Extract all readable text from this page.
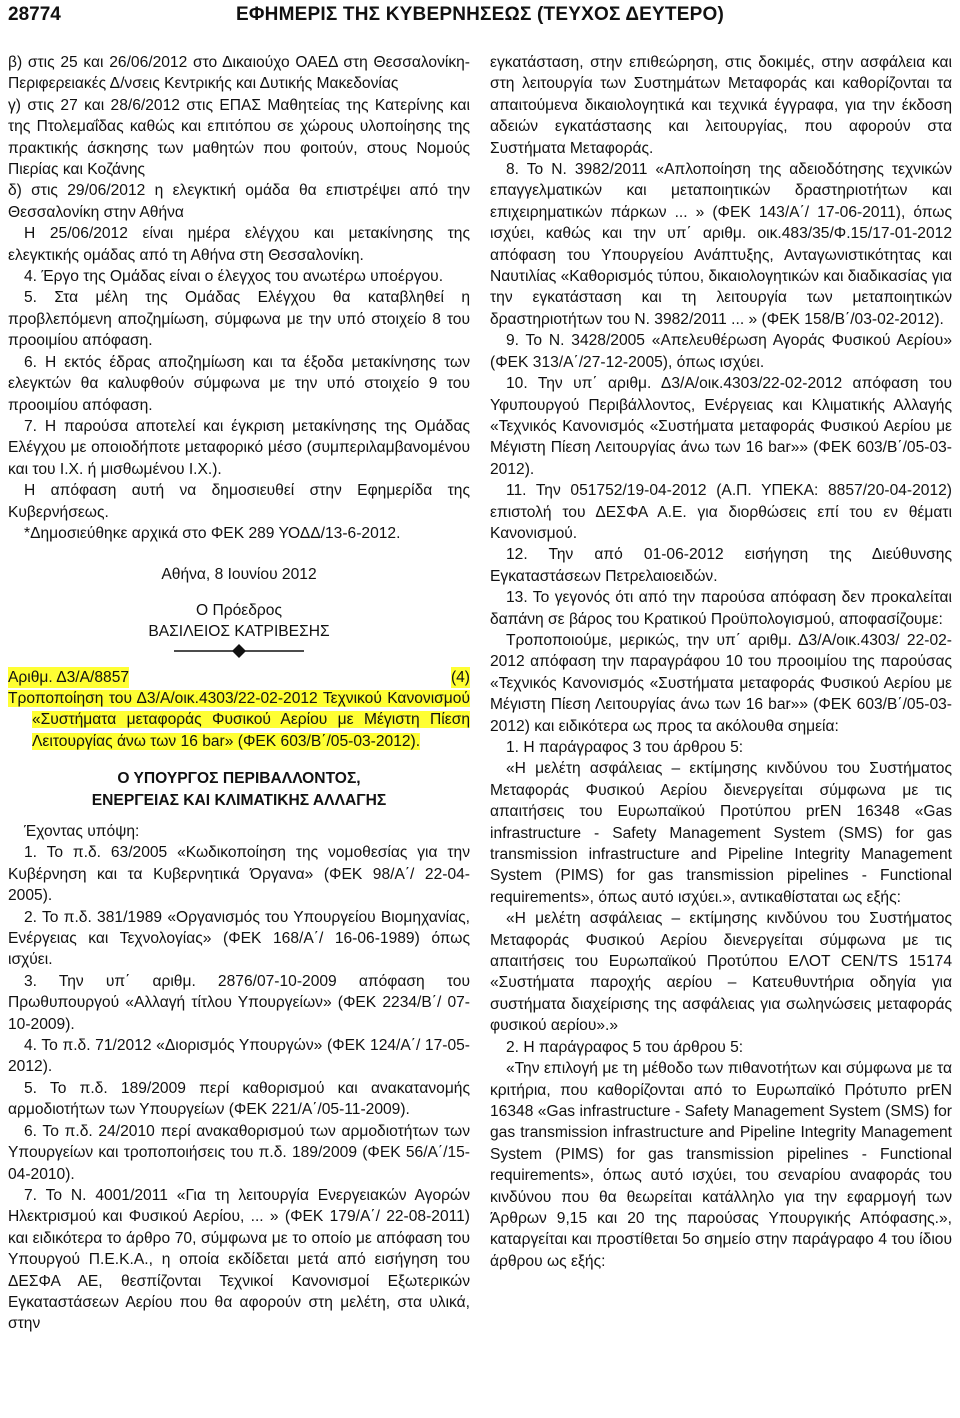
28774	ΕΦΗΜΕΡΙΣ ΤΗΣ ΚΥΒΕΡΝΗΣΕΩΣ (ΤΕΥΧΟΣ ΔΕΥΤΕΡΟ)

β) στις 25 και 26/06/2012 στο Δικαιούχο ΟΑΕΔ στη Θεσσαλονίκη- Περιφερειακές Δ/νσεις Κεντρικής και Δυτικής Μακεδονίας

γ) στις 27 και 28/6/2012 στις ΕΠΑΣ Μαθητείας της Κατερίνης και της Πτολεμαΐδας καθώς και επιτόπου σε χώρους υλοποίησης της πρακτικής άσκησης των μαθητών που φοιτούν, στους Νομούς Πιερίας και Κοζάνης

δ) στις 29/06/2012 η ελεγκτική ομάδα θα επιστρέψει από την Θεσσαλονίκη στην Αθήνα

Η 25/06/2012 είναι ημέρα ελέγχου και μετακίνησης της ελεγκτικής ομάδας από τη Αθήνα στη Θεσσαλονίκη.

4. Έργο της Ομάδας είναι ο έλεγχος του ανωτέρω υποέργου.

5. Στα μέλη της Ομάδας Ελέγχου θα καταβληθεί η προβλεπόμενη αποζημίωση, σύμφωνα με την υπό στοιχείο 8 του προοιμίου απόφαση.

6. Η εκτός έδρας αποζημίωση και τα έξοδα μετακίνησης των ελεγκτών θα καλυφθούν σύμφωνα με την υπό στοιχείο 9 του προοιμίου απόφαση.

7. Η παρούσα αποτελεί και έγκριση μετακίνησης της Ομάδας Ελέγχου με οποιοδήποτε μεταφορικό μέσο (συμπεριλαμβανομένου και του Ι.Χ. ή μισθωμένου Ι.Χ.).

Η απόφαση αυτή να δημοσιευθεί στην Εφημερίδα της Κυβερνήσεως.

*Δημοσιεύθηκε αρχικά στο ΦΕΚ 289 ΥΟΔΔ/13-6-2012.

Αθήνα, 8 Ιουνίου 2012

Ο Πρόεδρος

ΒΑΣΙΛΕΙΟΣ ΚΑΤΡΙΒΕΣΗΣ

Αριθμ. Δ3/Α/8857	(4)

Τροποποίηση του Δ3/Α/οικ.4303/22-02-2012 Τεχνικού Κανονισμού «Συστήματα μεταφοράς Φυσικού Αερίου με Μέγιστη Πίεση Λειτουργίας άνω των 16 bar» (ΦΕΚ 603/Β΄/05-03-2012).

Ο ΥΠΟΥΡΓΟΣ ΠΕΡΙΒΑΛΛΟΝΤΟΣ,

ΕΝΕΡΓΕΙΑΣ ΚΑΙ ΚΛΙΜΑΤΙΚΗΣ ΑΛΛΑΓΗΣ

Έχοντας υπόψη:

1. Το π.δ. 63/2005 «Κωδικοποίηση της νομοθεσίας για την Κυβέρνηση και τα Κυβερνητικά Όργανα» (ΦΕΚ 98/Α΄/ 22-04-2005).

2. Το π.δ. 381/1989 «Οργανισμός του Υπουργείου Βιομηχανίας, Ενέργειας και Τεχνολογίας» (ΦΕΚ 168/Α΄/ 16-06-1989) όπως ισχύει.

3. Την υπ΄ αριθμ. 2876/07-10-2009 απόφαση του Πρωθυπουργού «Αλλαγή τίτλου Υπουργείων» (ΦΕΚ 2234/Β΄/ 07-10-2009).

4. Το π.δ. 71/2012 «Διορισμός Υπουργών» (ΦΕΚ 124/Α΄/ 17-05-2012).

5. Το π.δ. 189/2009 περί καθορισμού και ανακατανομής αρμοδιοτήτων των Υπουργείων (ΦΕΚ 221/Α΄/05-11-2009).

6. Το π.δ. 24/2010 περί ανακαθορισμού των αρμοδιοτήτων των Υπουργείων και τροποποιήσεις του π.δ. 189/2009 (ΦΕΚ 56/Α΄/15-04-2010).

7. Το Ν. 4001/2011 «Για τη λειτουργία Ενεργειακών Αγορών Ηλεκτρισμού και Φυσικού Αερίου, ... » (ΦΕΚ 179/Α΄/ 22-08-2011) και ειδικότερα το άρθρο 70, σύμφωνα με το οποίο με απόφαση του Υπουργού Π.Ε.Κ.Α., η οποία εκδίδεται μετά από εισήγηση του ΔΕΣΦΑ ΑΕ, θεσπίζονται Τεχνικοί Κανονισμοί Εξωτερικών Εγκαταστάσεων Αερίου που θα αφορούν στη μελέτη, στα υλικά, στην

εγκατάσταση, στην επιθεώρηση, στις δοκιμές, στην ασφάλεια και στη λειτουργία των Συστημάτων Μεταφοράς και καθορίζονται τα απαιτούμενα δικαιολογητικά και τεχνικά έγγραφα, για την έκδοση αδειών εγκατάστασης και λειτουργίας, που αφορούν στα Συστήματα Μεταφοράς.

8. Το Ν. 3982/2011 «Απλοποίηση της αδειοδότησης τεχνικών επαγγελματικών και μεταποιητικών δραστηριοτήτων και επιχειρηματικών πάρκων ... » (ΦΕΚ 143/Α΄/ 17-06-2011), όπως ισχύει, καθώς και την υπ΄ αριθμ. οικ.483/35/Φ.15/17-01-2012 απόφαση του Υπουργείου Ανάπτυξης, Ανταγωνιστικότητας και Ναυτιλίας «Καθορισμός τύπου, δικαιολογητικών και διαδικασίας για την εγκατάσταση και τη λειτουργία των μεταποιητικών δραστηριοτήτων του Ν. 3982/2011 ... » (ΦΕΚ 158/Β΄/03-02-2012).

9. Το Ν. 3428/2005 «Απελευθέρωση Αγοράς Φυσικού Αερίου» (ΦΕΚ 313/Α΄/27-12-2005), όπως ισχύει.

10. Την υπ΄ αριθμ. Δ3/Α/οικ.4303/22-02-2012 απόφαση του Υφυπουργού Περιβάλλοντος, Ενέργειας και Κλιματικής Αλλαγής «Τεχνικός Κανονισμός «Συστήματα μεταφοράς Φυσικού Αερίου με Μέγιστη Πίεση Λειτουργίας άνω των 16 bar»» (ΦΕΚ 603/Β΄/05-03-2012).

11. Την 051752/19-04-2012 (Α.Π. ΥΠΕΚΑ: 8857/20-04-2012) επιστολή του ΔΕΣΦΑ Α.Ε. για διορθώσεις επί του εν θέματι Κανονισμού.

12. Την από 01-06-2012 εισήγηση της Διεύθυνσης Εγκαταστάσεων Πετρελαιοειδών.

13. Το γεγονός ότι από την παρούσα απόφαση δεν προκαλείται δαπάνη σε βάρος του Κρατικού Προϋπολογισμού, αποφασίζουμε:

Τροποποιούμε, μερικώς, την υπ΄ αριθμ. Δ3/Α/οικ.4303/ 22-02-2012 απόφαση την παραγράφου 10 του προοιμίου της παρούσας «Τεχνικός Κανονισμός «Συστήματα μεταφοράς Φυσικού Αερίου με Μέγιστη Πίεση Λειτουργίας άνω των 16 bar»» (ΦΕΚ 603/Β΄/05-03-2012) και ειδικότερα ως προς τα ακόλουθα σημεία:

1. Η παράγραφος 3 του άρθρου 5:

«Η μελέτη ασφάλειας – εκτίμησης κινδύνου του Συστήματος Μεταφοράς Φυσικού Αερίου διενεργείται σύμφωνα με τις απαιτήσεις του Ευρωπαϊκού Προτύπου prEN 16348 «Gas infrastructure - Safety Management System (SMS) for gas transmission infrastructure and Pipeline Integrity Management System (PIMS) for gas transmission pipelines - Functional requirements», όπως αυτό ισχύει.», αντικαθίσταται ως εξής:

«Η μελέτη ασφάλειας – εκτίμησης κινδύνου του Συστήματος Μεταφοράς Φυσικού Αερίου διενεργείται σύμφωνα με τις απαιτήσεις του Ευρωπαϊκού Προτύπου ΕΛΟΤ CEN/TS 15174 «Συστήματα παροχής αερίου – Κατευθυντήρια οδηγία για συστήματα διαχείρισης της ασφάλειας για σωληνώσεις μεταφοράς φυσικού αερίου».»

2. Η παράγραφος 5 του άρθρου 5:

«Την επιλογή με τη μέθοδο των πιθανοτήτων και σύμφωνα με τα κριτήρια, που καθορίζονται από το Ευρωπαϊκό Πρότυπο prEN 16348 «Gas infrastructure - Safety Management System (SMS) for gas transmission infrastructure and Pipeline Integrity Management System (PIMS) for gas transmission pipelines - Functional requirements», όπως αυτό ισχύει, του σεναρίου αναφοράς του κινδύνου που θα θεωρείται κατάλληλο για την εφαρμογή των Άρθρων 9,15 και 20 της παρούσας Υπουργικής Απόφασης.», καταργείται και προστίθεται 5ο σημείο στην παράγραφο 4 του ίδιου άρθρου ως εξής:
